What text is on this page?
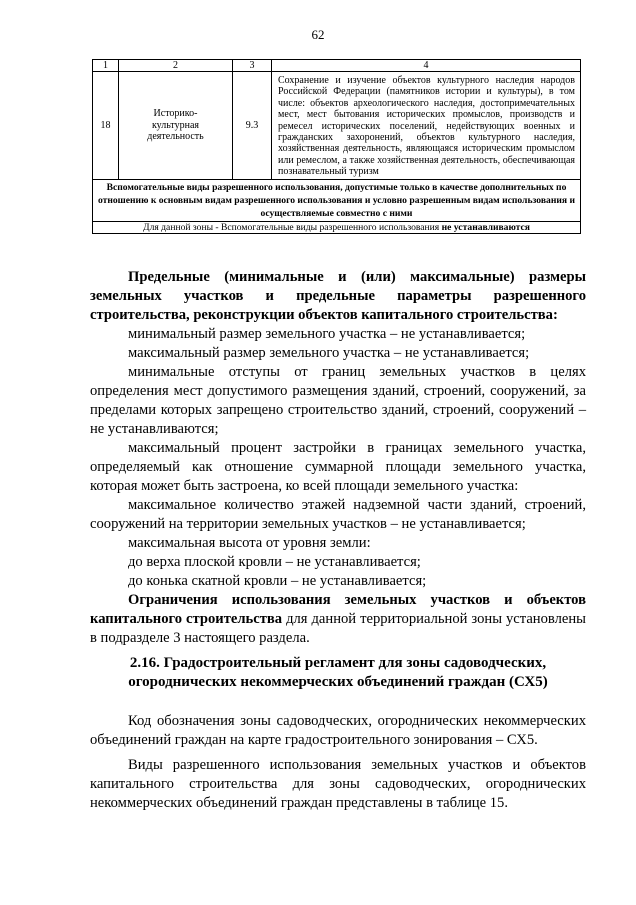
62
1	2	3	4
18	Историко-культурная деятельность	9.3	Сохранение и изучение объектов культурного наследия народов Российской Федерации (памятников истории и культуры), в том числе: объектов археологического наследия, достопримечательных мест, мест бытования исторических промыслов, производств и ремесел исторических поселений, недействующих военных и гражданских захоронений, объектов культурного наследия, хозяйственная деятельность, являющаяся историческим промыслом или ремеслом, а также хозяйственная деятельность, обеспечивающая познавательный туризм
Вспомогательные виды разрешенного использования, допустимые только в качестве дополнительных по отношению к основным видам разрешенного использования и условно разрешенным видам использования и осуществляемые совместно с ними			
Для данной зоны - Вспомогательные виды разрешенного использования не устанавливаются			

Предельные (минимальные и (или) максимальные) размеры земельных участков и предельные параметры разрешенного строительства, реконструкции объектов капитального строительства:

минимальный размер земельного участка – не устанавливается;

максимальный размер земельного участка – не устанавливается;

минимальные отступы от границ земельных участков в целях определения мест допустимого размещения зданий, строений, сооружений, за пределами которых запрещено строительство зданий, строений, сооружений – не устанавливаются;

максимальный процент застройки в границах земельного участка, определяемый как отношение суммарной площади земельного участка, которая может быть застроена, ко всей площади земельного участка:

максимальное количество этажей надземной части зданий, строений, сооружений на территории земельных участков – не устанавливается;

максимальная высота от уровня земли:

до верха плоской кровли – не устанавливается;

до конька скатной кровли – не устанавливается;

Ограничения использования земельных участков и объектов капитального строительства для данной территориальной зоны установлены в подразделе 3 настоящего раздела.

2.16. Градостроительный регламент для зоны садоводческих, огороднических некоммерческих объединений граждан (СХ5)

Код обозначения зоны садоводческих, огороднических некоммерческих объединений граждан на карте градостроительного зонирования – СХ5.

Виды разрешенного использования земельных участков и объектов капитального строительства для зоны садоводческих, огороднических некоммерческих объединений граждан представлены в таблице 15.
